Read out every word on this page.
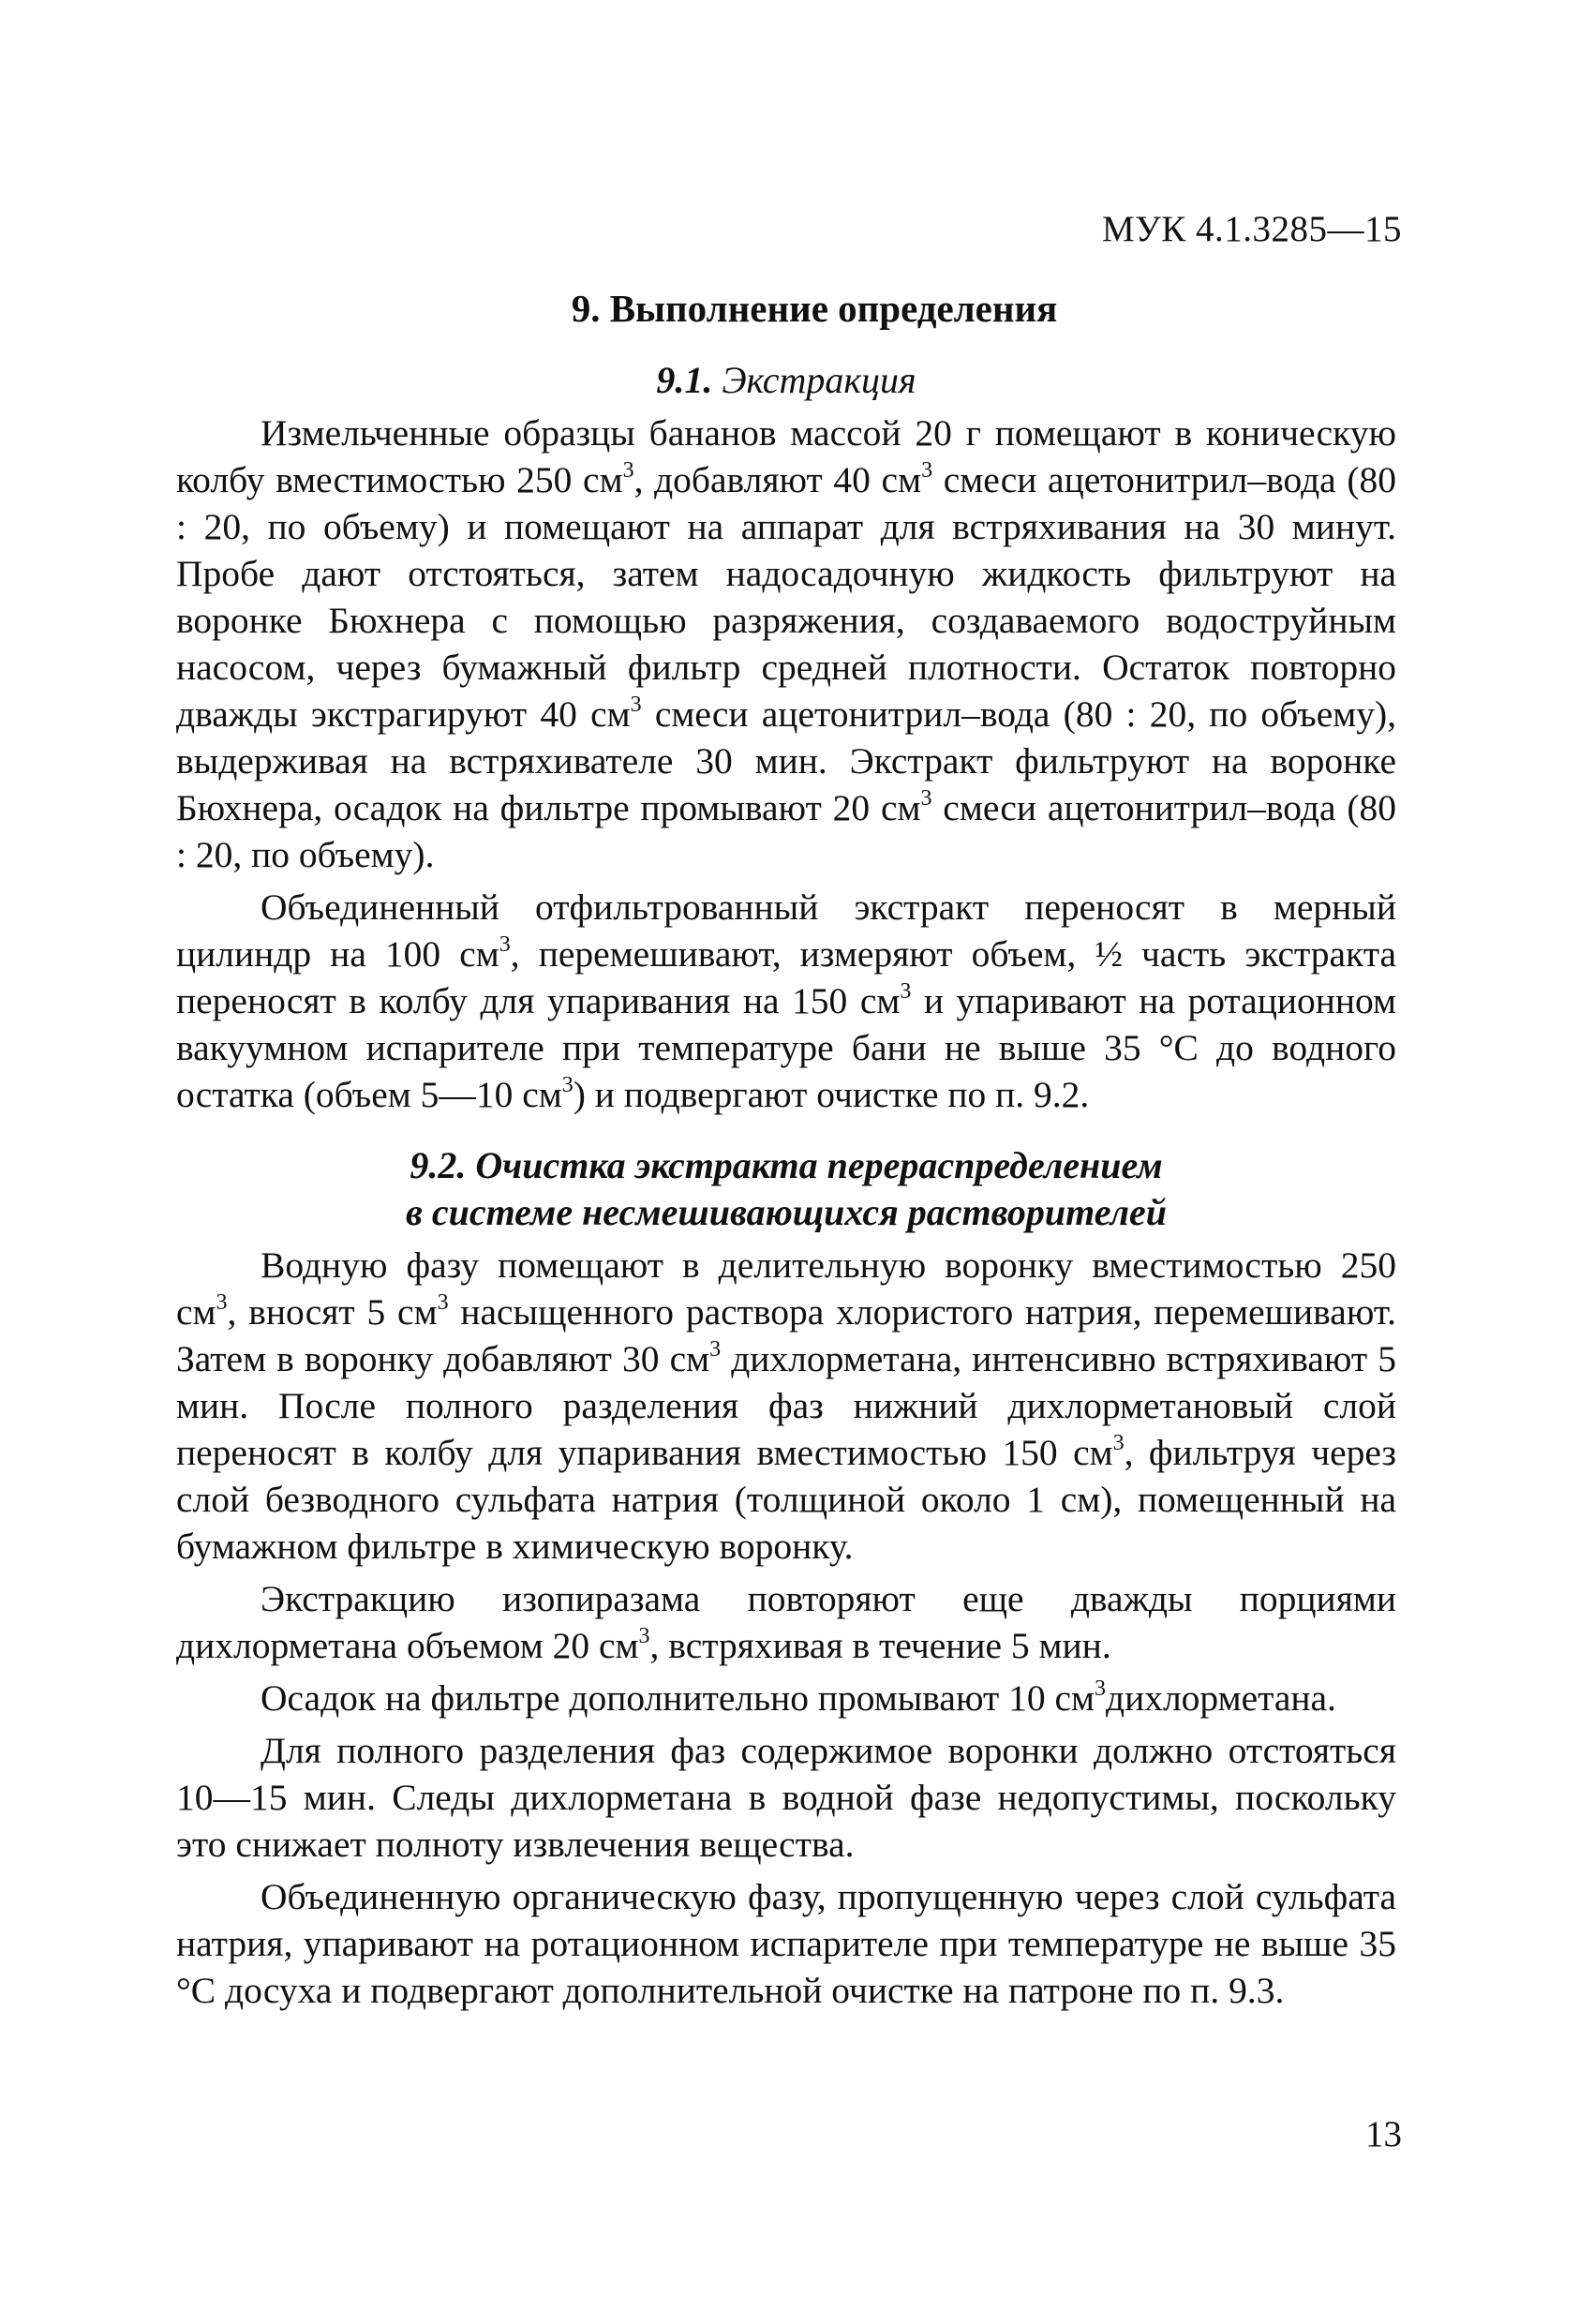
МУК 4.1.3285—15
9. Выполнение определения
9.1. Экстракция

Измельченные образцы бананов массой 20 г помещают в коническую колбу вместимостью 250 $см^3$, добавляют 40 $см^3$ смеси ацетонитрил–вода (80 : 20, по объему) и помещают на аппарат для встряхивания на 30 минут. Пробе дают отстояться, затем надосадочную жидкость фильтруют на воронке Бюхнера с помощью разряжения, создаваемого водоструйным насосом, через бумажный фильтр средней плотности. Остаток повторно дважды экстрагируют 40 $см^3$ смеси ацетонитрил–вода (80 : 20, по объему), выдерживая на встряхивателе 30 мин. Экстракт фильтруют на воронке Бюхнера, осадок на фильтре промывают 20 $см^3$ смеси ацетонитрил–вода (80 : 20, по объему).

Объединенный отфильтрованный экстракт переносят в мерный цилиндр на 100 $см^3$, перемешивают, измеряют объем, ½ часть экстракта переносят в колбу для упаривания на 150 $см^3$ и упаривают на ротационном вакуумном испарителе при температуре бани не выше 35 °С до водного остатка (объем 5—10 $см^3$) и подвергают очистке по п. 9.2.

9.2. Очистка экстракта перераспределением
в системе несмешивающихся растворителей

Водную фазу помещают в делительную воронку вместимостью 250 $см^3$, вносят 5 $см^3$ насыщенного раствора хлористого натрия, перемешивают. Затем в воронку добавляют 30 $см^3$ дихлорметана, интенсивно встряхивают 5 мин. После полного разделения фаз нижний дихлорметановый слой переносят в колбу для упаривания вместимостью 150 $см^3$, фильтруя через слой безводного сульфата натрия (толщиной около 1 см), помещенный на бумажном фильтре в химическую воронку.

Экстракцию изопиразама повторяют еще дважды порциями дихлорметана объемом 20 $см^3$, встряхивая в течение 5 мин.

Осадок на фильтре дополнительно промывают 10 $см^3дихлорметана$.

Для полного разделения фаз содержимое воронки должно отстояться 10—15 мин. Следы дихлорметана в водной фазе недопустимы, поскольку это снижает полноту извлечения вещества.

Объединенную органическую фазу, пропущенную через слой сульфата натрия, упаривают на ротационном испарителе при температуре не выше 35 °С досуха и подвергают дополнительной очистке на патроне по п. 9.3.

13
